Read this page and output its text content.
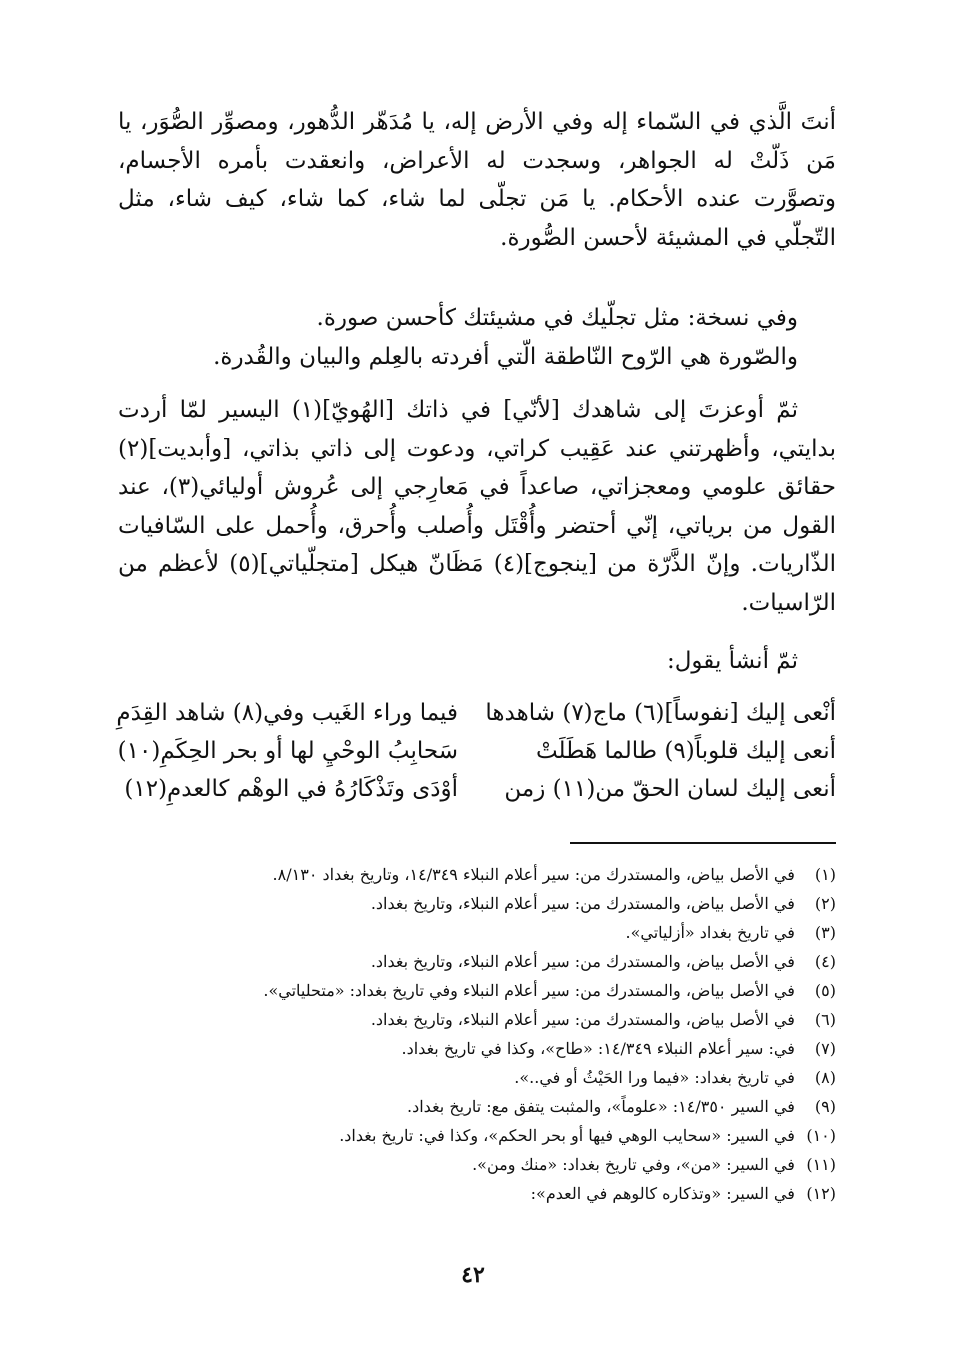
أنتَ الَّذي في السّماء إله وفي الأرض إله، يا مُدَهّر الدُّهور، ومصوِّر الصُّوَر، يا مَن ذَلّتْ له الجواهر، وسجدت له الأعراض، وانعقدت بأمره الأجسام، وتصوَّرت عنده الأحكام. يا مَن تجلّى لما شاء، كما شاء، كيف شاء، مثل التّجلّي في المشيئة لأحسن الصُّورة.

وفي نسخة: مثل تجلّيك في مشيئتك كأحسن صورة.
والصّورة هي الرّوح النّاطقة الّتي أفردته بالعِلم والبيان والقُدرة.

ثمّ أوعزتَ إلى شاهدك [لأنّي] في ذاتك [الهُويّ](١) اليسير لمّا أردت بدايتي، وأظهرتني عند عَقِيب كراتي، ودعوت إلى ذاتي بذاتي، [وأبديت](٢) حقائق علومي ومعجزاتي، صاعداً في مَعارِجي إلى عُروش أوليائي(٣)، عند القول من برياتي، إنّي أحتضر وأُقْتَل وأُصلب وأُحرق، وأُحمل على السّافيات الذّاريات. وإنّ الذَّرّة من [ينجوج](٤) مَظَانّ هيكل [متجلّياتي](٥) لأعظم من الرّاسيات.

ثمّ أنشأ يقول:
أنْعى إليك [نفوساً](٦) ماج(٧) شاهدها
فيما وراء الغَيب وفي(٨) شاهد القِدَمِ
أنعى إليك قلوباً(٩) طالما هَطَلَتْ
سَحابِبُ الوحْيِ لها أو بحر الحِكَمِ(١٠)
أنعى إليك لسان الحقّ من(١١) زمن
أوْدَى وتَذْكَارُهُ في الوهْم كالعدمِ(١٢)
(١) في الأصل بياض، والمستدرك من: سير أعلام النبلاء ١٤/٣٤٩، وتاريخ بغداد ٨/١٣٠.
(٢) في الأصل بياض، والمستدرك من: سير أعلام النبلاء، وتاريخ بغداد.
(٣) في تاريخ بغداد «أزلياتي».
(٤) في الأصل بياض، والمستدرك من: سير أعلام النبلاء، وتاريخ بغداد.
(٥) في الأصل بياض، والمستدرك من: سير أعلام النبلاء وفي تاريخ بغداد: «متحلياتي».
(٦) في الأصل بياض، والمستدرك من: سير أعلام النبلاء، وتاريخ بغداد.
(٧) في: سير أعلام النبلاء ١٤/٣٤٩: «طاح»، وكذا في تاريخ بغداد.
(٨) في تاريخ بغداد: «فيما ورا الحَيْثُ أو في..».
(٩) في السير ١٤/٣٥٠: «علوماً»، والمثبت يتفق مع: تاريخ بغداد.
(١٠) في السير: «سحايب الوهي فيها أو بحر الحكم»، وكذا في: تاريخ بغداد.
(١١) في السير: «من»، وفي تاريخ بغداد: «منك ومن».
(١٢) في السير: «وتذكاره كالوهم في العدم»:
٤٢
